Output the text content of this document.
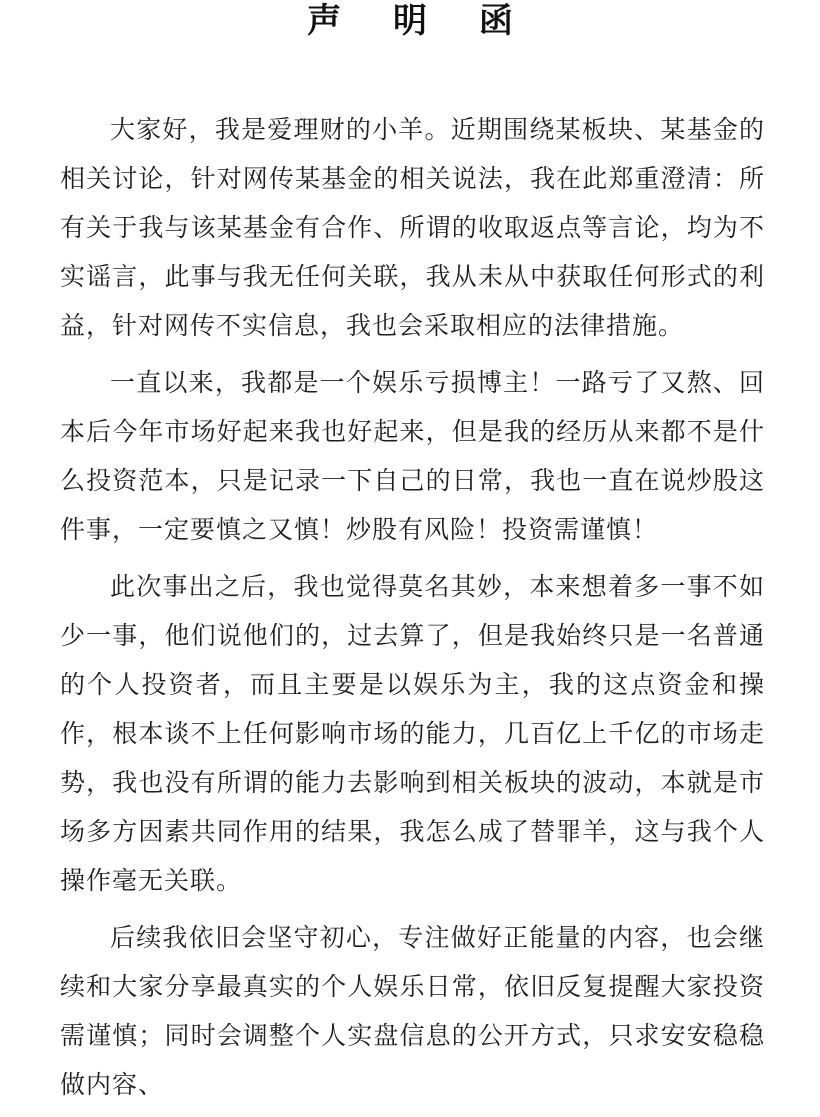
声 明 函

大家好，我是爱理财的小羊。近期围绕某板块、某基金的相关讨论，针对网传某基金的相关说法，我在此郑重澄清：所有关于我与该某基金有合作、所谓的收取返点等言论，均为不实谣言，此事与我无任何关联，我从未从中获取任何形式的利益，针对网传不实信息，我也会采取相应的法律措施。

一直以来，我都是一个娱乐亏损博主！一路亏了又熬、回本后今年市场好起来我也好起来，但是我的经历从来都不是什么投资范本，只是记录一下自己的日常，我也一直在说炒股这件事，一定要慎之又慎！炒股有风险！投资需谨慎！

此次事出之后，我也觉得莫名其妙，本来想着多一事不如少一事，他们说他们的，过去算了，但是我始终只是一名普通的个人投资者，而且主要是以娱乐为主，我的这点资金和操作，根本谈不上任何影响市场的能力，几百亿上千亿的市场走势，我也没有所谓的能力去影响到相关板块的波动，本就是市场多方因素共同作用的结果，我怎么成了替罪羊，这与我个人操作毫无关联。

后续我依旧会坚守初心，专注做好正能量的内容，也会继续和大家分享最真实的个人娱乐日常，依旧反复提醒大家投资需谨慎；同时会调整个人实盘信息的公开方式，只求安安稳稳做内容、
